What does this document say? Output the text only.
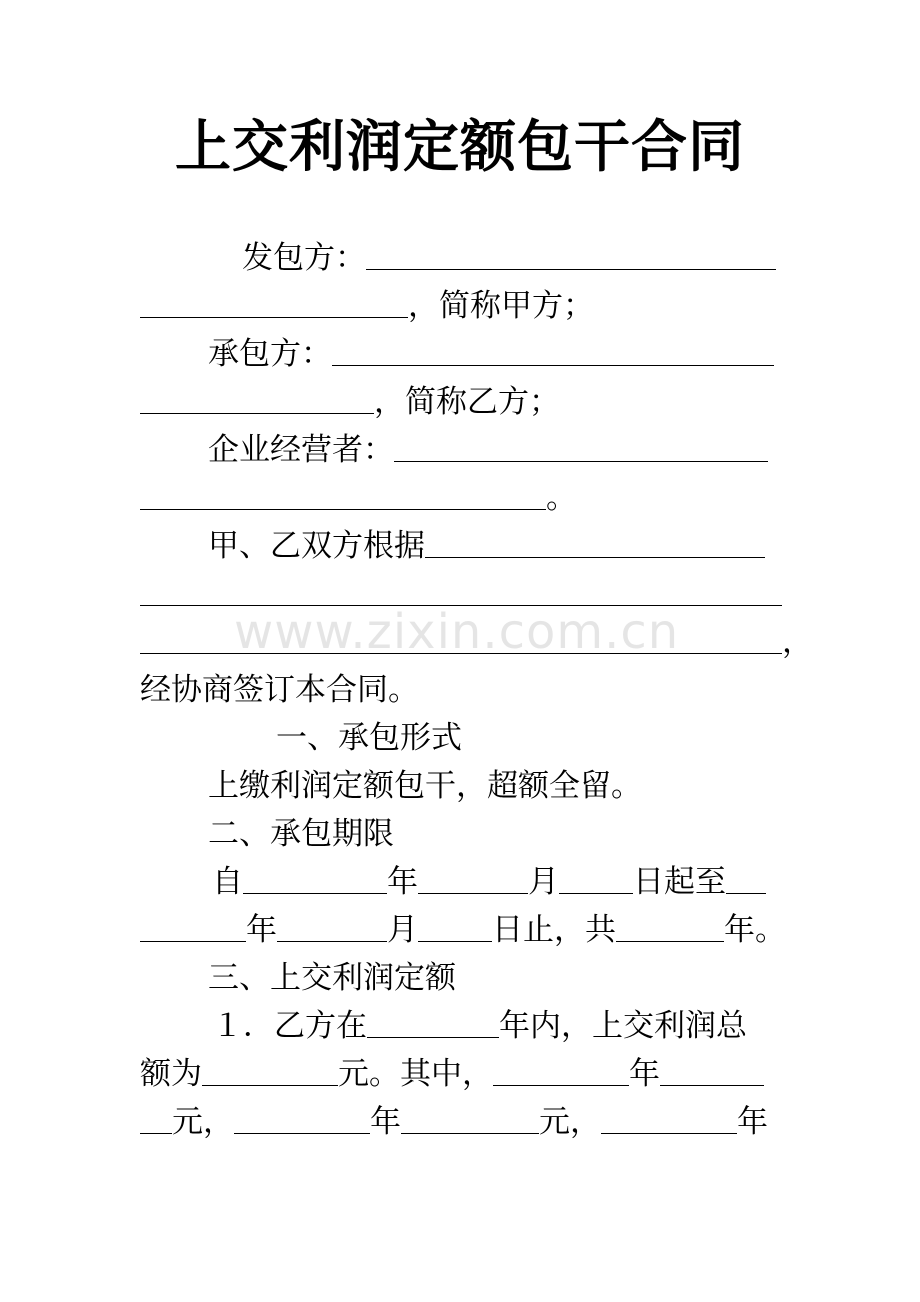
上交利润定额包干合同
发包方：
，简称甲方；
承包方：
，简称乙方；
企业经营者：
。
甲、乙双方根据
，
经协商签订本合同。
一、承包形式
上缴利润定额包干，超额全留。
二、承包期限
自	年	月 日起至
年	月 日止，共	年。
三、上交利润定额
１．乙方在	年内，上交利润总
额为	元。其中，	年
元，	年	元，	年
www.zixin.com.cn
